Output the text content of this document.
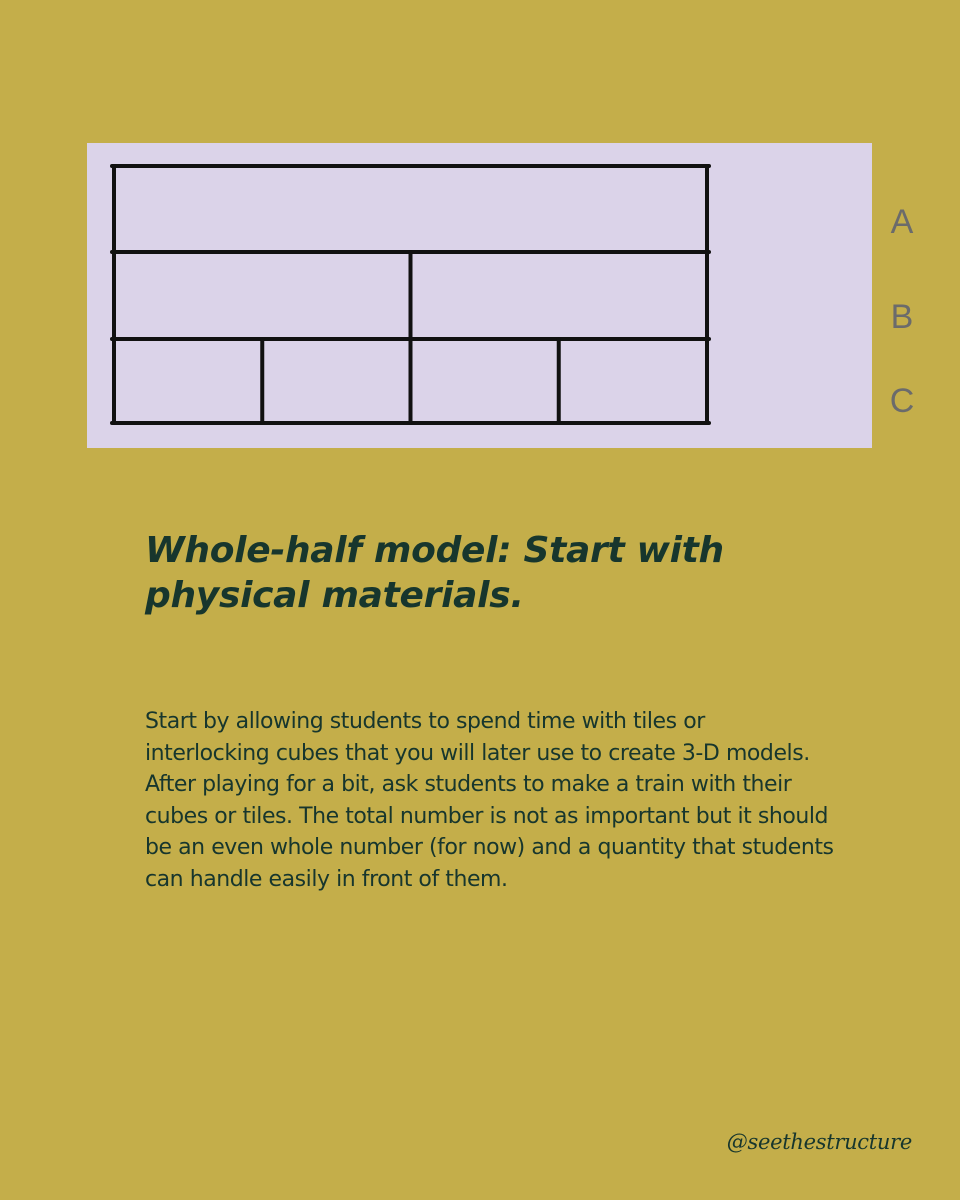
A
B
C
Whole-half model: Start with physical materials.

Start by allowing students to spend time with tiles or interlocking cubes that you will later use to create 3-D models.

After playing for a bit, ask students to make a train with their cubes or tiles. The total number is not as important but it should be an even whole number (for now) and a quantity that students can handle easily in front of them.

@seethestructure
